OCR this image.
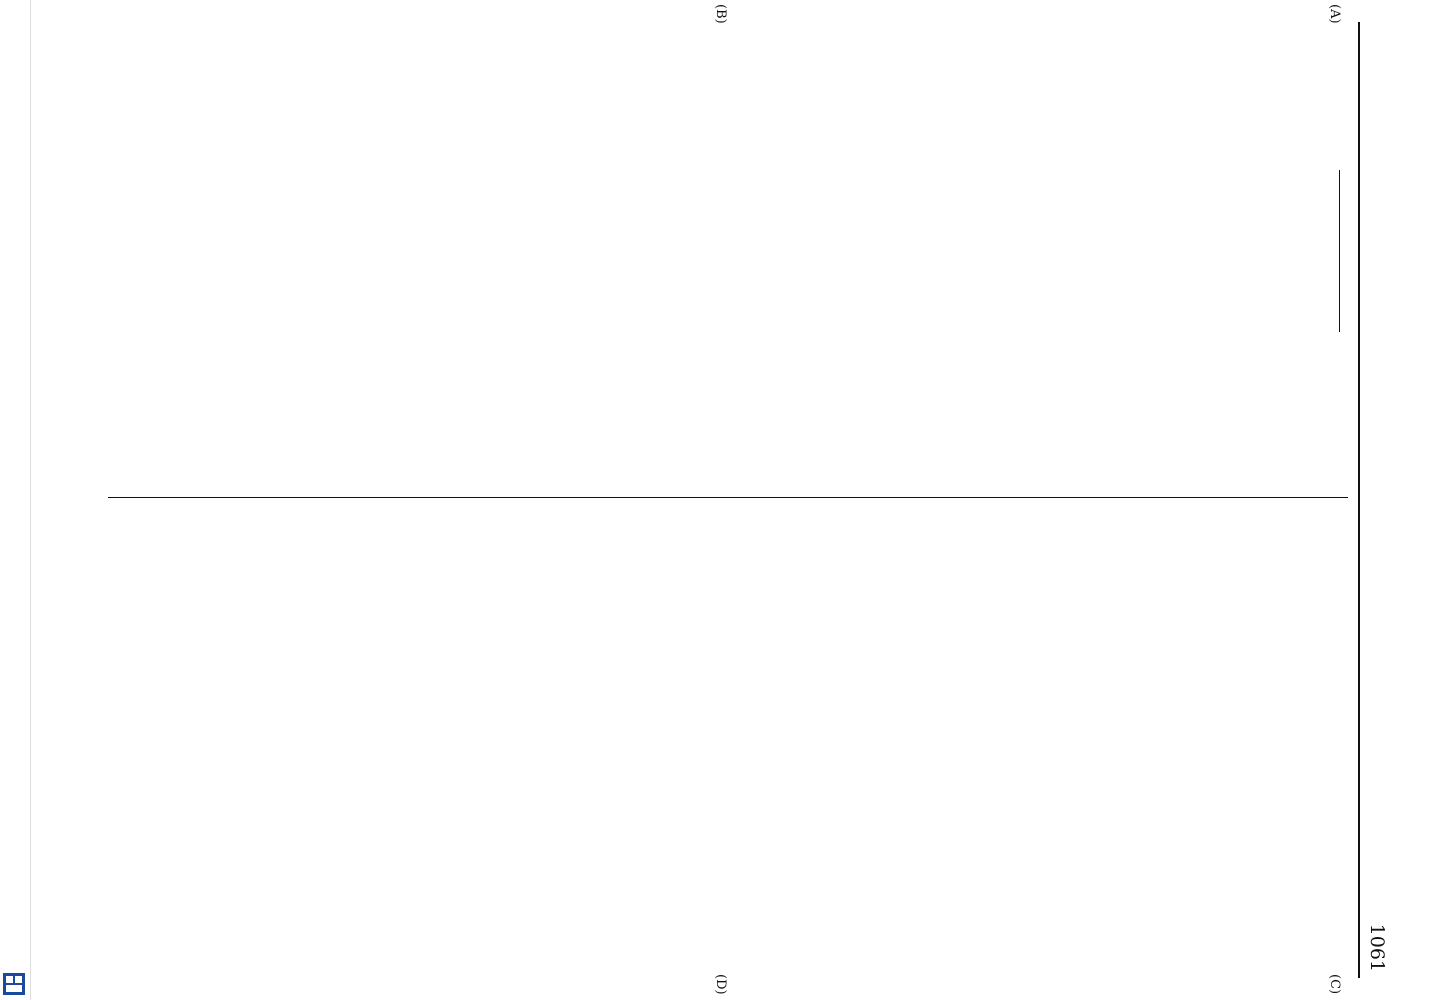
1061
(A)
(B)
(C)
(D)
